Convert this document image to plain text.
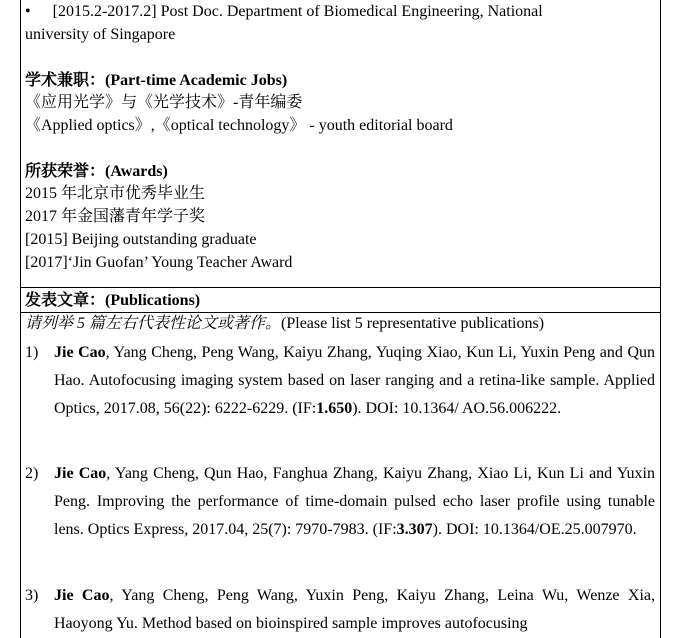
• [2015.2-2017.2] Post Doc. Department of Biomedical Engineering, National
university of Singapore
学术兼职：(Part-time Academic Jobs)
《应用光学》与《光学技术》-青年编委
《Applied optics》,《optical technology》 - youth editorial board
所获荣誉：(Awards)
2015 年北京市优秀毕业生
2017 年金国藩青年学子奖
[2015] Beijing outstanding graduate
[2017]‘Jin Guofan’ Young Teacher Award
发表文章：(Publications)
请列举 5 篇左右代表性论文或著作。(Please list 5 representative publications)
1) Jie Cao, Yang Cheng, Peng Wang, Kaiyu Zhang, Yuqing Xiao, Kun Li, Yuxin Peng and Qun Hao. Autofocusing imaging system based on laser ranging and a retina-like sample. Applied Optics, 2017.08, 56(22): 6222-6229. (IF:1.650). DOI: 10.1364/ AO.56.006222.
2) Jie Cao, Yang Cheng, Qun Hao, Fanghua Zhang, Kaiyu Zhang, Xiao Li, Kun Li and Yuxin Peng. Improving the performance of time-domain pulsed echo laser profile using tunable lens. Optics Express, 2017.04, 25(7): 7970-7983. (IF:3.307). DOI: 10.1364/OE.25.007970.
3) Jie Cao, Yang Cheng, Peng Wang, Yuxin Peng, Kaiyu Zhang, Leina Wu, Wenze Xia, Haoyong Yu. Method based on bioinspired sample improves autofocusing
